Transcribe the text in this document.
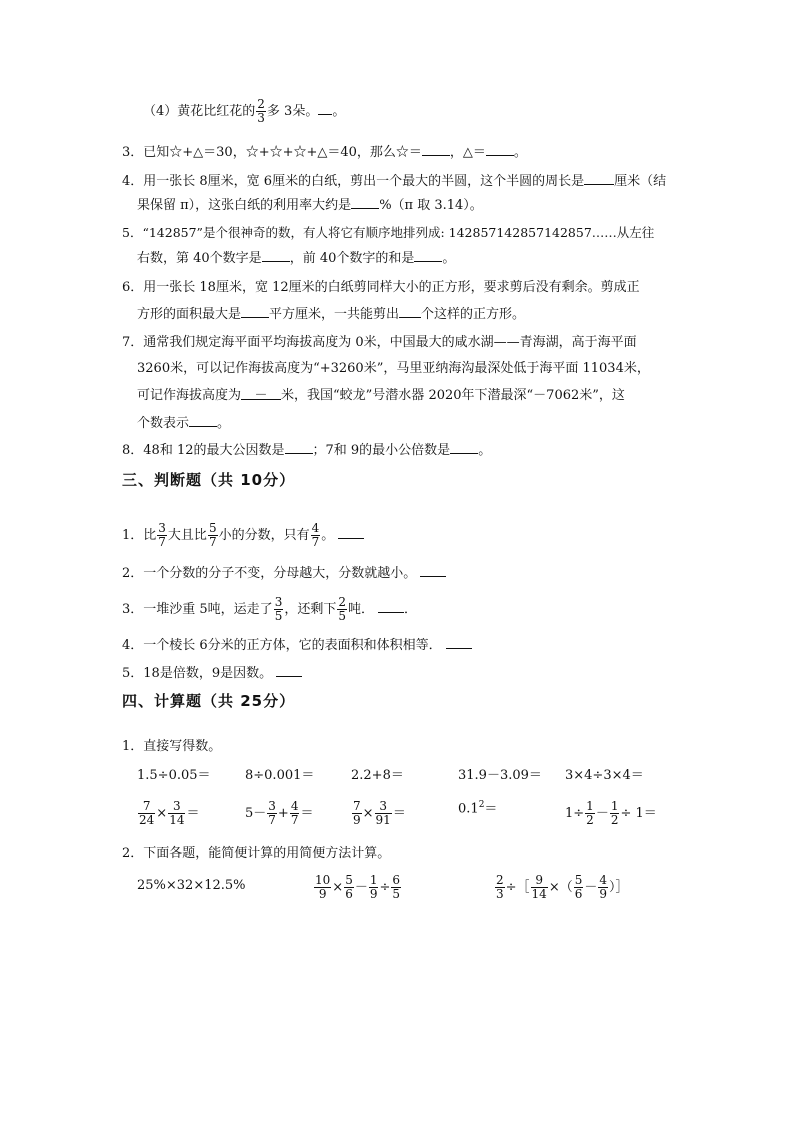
（4）黄花比红花的 $\frac{2}{3}$ 多 3朵。 。
3．已知☆+△＝30，☆+☆+☆+△＝40，那么☆＝ ，△＝ 。
4．用一张长 8厘米，宽 6厘米的白纸，剪出一个最大的半圆，这个半圆的周长是 厘米（结
果保留 π），这张白纸的利用率大约是 %（π 取 3.14）。
5．“142857”是个很神奇的数，有人将它有顺序地排列成: 142857142857142857……从左往
右数，第 40个数字是 ，前 40个数字的和是 。
6．用一张长 18厘米，宽 12厘米的白纸剪同样大小的正方形，要求剪后没有剩余。剪成正
方形的面积最大是 平方厘米，一共能剪出 个这样的正方形。
7．通常我们规定海平面平均海拔高度为 0米，中国最大的咸水湖——青海湖，高于海平面
3260米，可以记作海拔高度为“+3260米”，马里亚纳海沟最深处低于海平面 11034米，
可记作海拔高度为 － 米，我国“蛟龙”号潜水器 2020年下潜最深“－7062米”，这
个数表示 。
8．48和 12的最大公因数是 ；7和 9的最小公倍数是 。
三、判断题（共 10分）
1．比 $\frac{3}{7}$ 大且比 $\frac{5}{7}$ 小的分数，只有 $\frac{4}{7}$ 。
2．一个分数的分子不变，分母越大，分数就越小。
3．一堆沙重 5吨，运走了 $\frac{3}{5}$ ，还剩下 $\frac{2}{5}$ 吨． ．
4．一个棱长 6分米的正方体，它的表面积和体积相等．
5．18是倍数，9是因数。
四、计算题（共 25分）
1．直接写得数。
1.5÷0.05＝	8÷0.001＝	2.2+8＝	31.9－3.09＝ 3×4÷3×4＝
$\frac{7}{24} \times \frac{3}{14}$ ＝	$5- \frac{3}{7} + \frac{4}{7}$ ＝	$\frac{7}{9} \times \frac{3}{91}$ ＝	$0.1^2=$	$1\div \frac{1}{2} - \frac{1}{2} \div 1=$
2．下面各题，能简便计算的用简便方法计算。
25%×32×12.5%	$\frac{10}{9} \times \frac{5}{6} - \frac{1}{9} \div \frac{6}{5}$	$\frac{2}{3}$ ÷［ $\frac{9}{14}$ ×（ $\frac{5}{6} - \frac{4}{9}$ ）］
